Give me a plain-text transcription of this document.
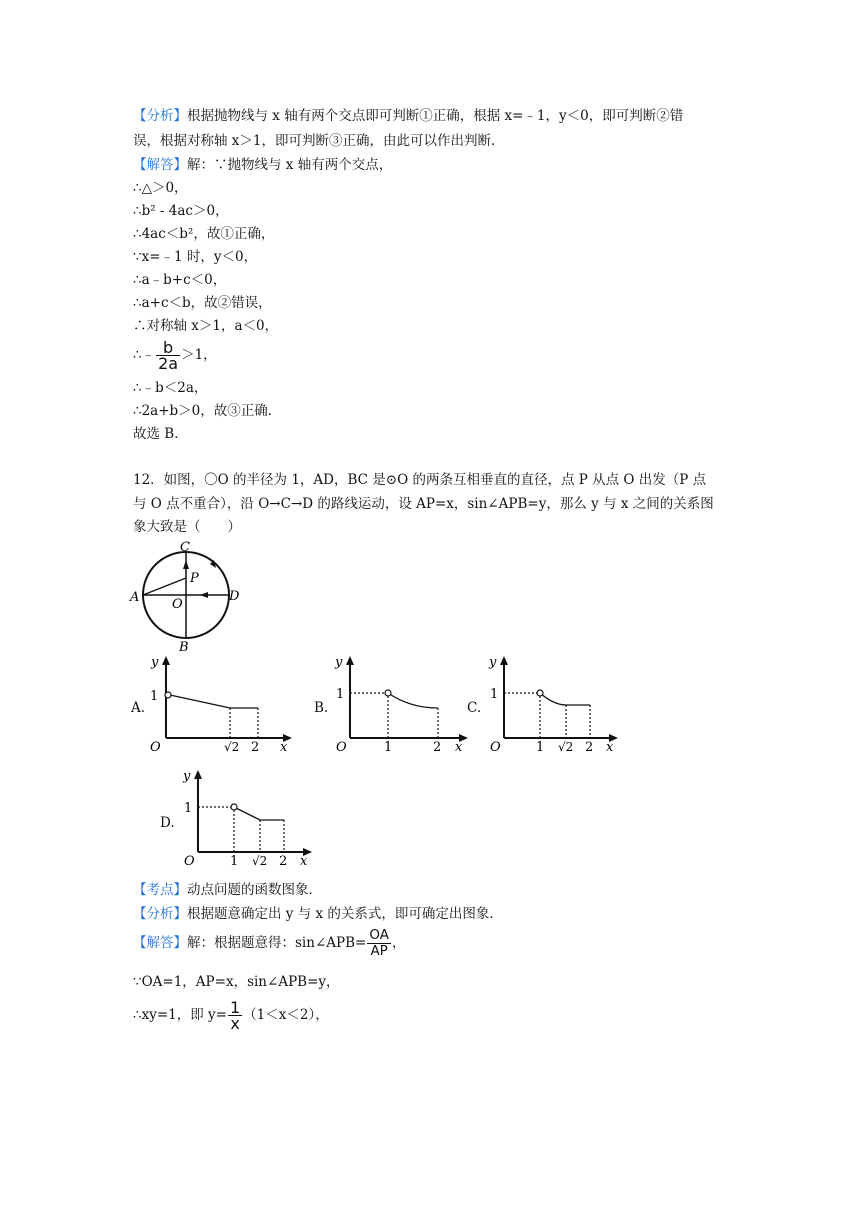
【分析】根据抛物线与 x 轴有两个交点即可判断①正确，根据 x=﹣1，y＜0，即可判断②错
误，根据对称轴 x＞1，即可判断③正确，由此可以作出判断．
【解答】解：∵抛物线与 x 轴有两个交点，
∴△＞0，
∴b² - 4ac＞0，
∴4ac＜b²，故①正确，
∵x=﹣1 时，y＜0，
∴a﹣b+c＜0，
∴a+c＜b，故②错误，
∴对称轴 x＞1，a＜0，
∴﹣ $\frac{b}{2a} >1$，
∴﹣b＜2a，
∴2a+b＞0，故③正确．
故选 B．
12．如图，〇O 的半径为 1，AD，BC 是⊙O 的两条互相垂直的直径，点 P 从点 O 出发（P 点
与 O 点不重合），沿 O→C→D 的路线运动，设 AP=x，sin∠APB=y，那么 y 与 x 之间的关系图
象大致是（　　）
C
P
A	O
D
B
A.
y
1
O	√2 2 x
B.
y
1
O	1	2 x
C.
y
1
O	1 √2 2 x
D.
y
1
O	1 √2 2 x
【考点】动点问题的函数图象．
【分析】根据题意确定出 y 与 x 的关系式，即可确定出图象．
【解答】解：根据题意得：sin∠APB= $\frac{OA}{AP}$ ，
∵OA=1，AP=x，sin∠APB=y，
∴xy=1，即 $y= \frac{1}{x} (1<x<2)$，
